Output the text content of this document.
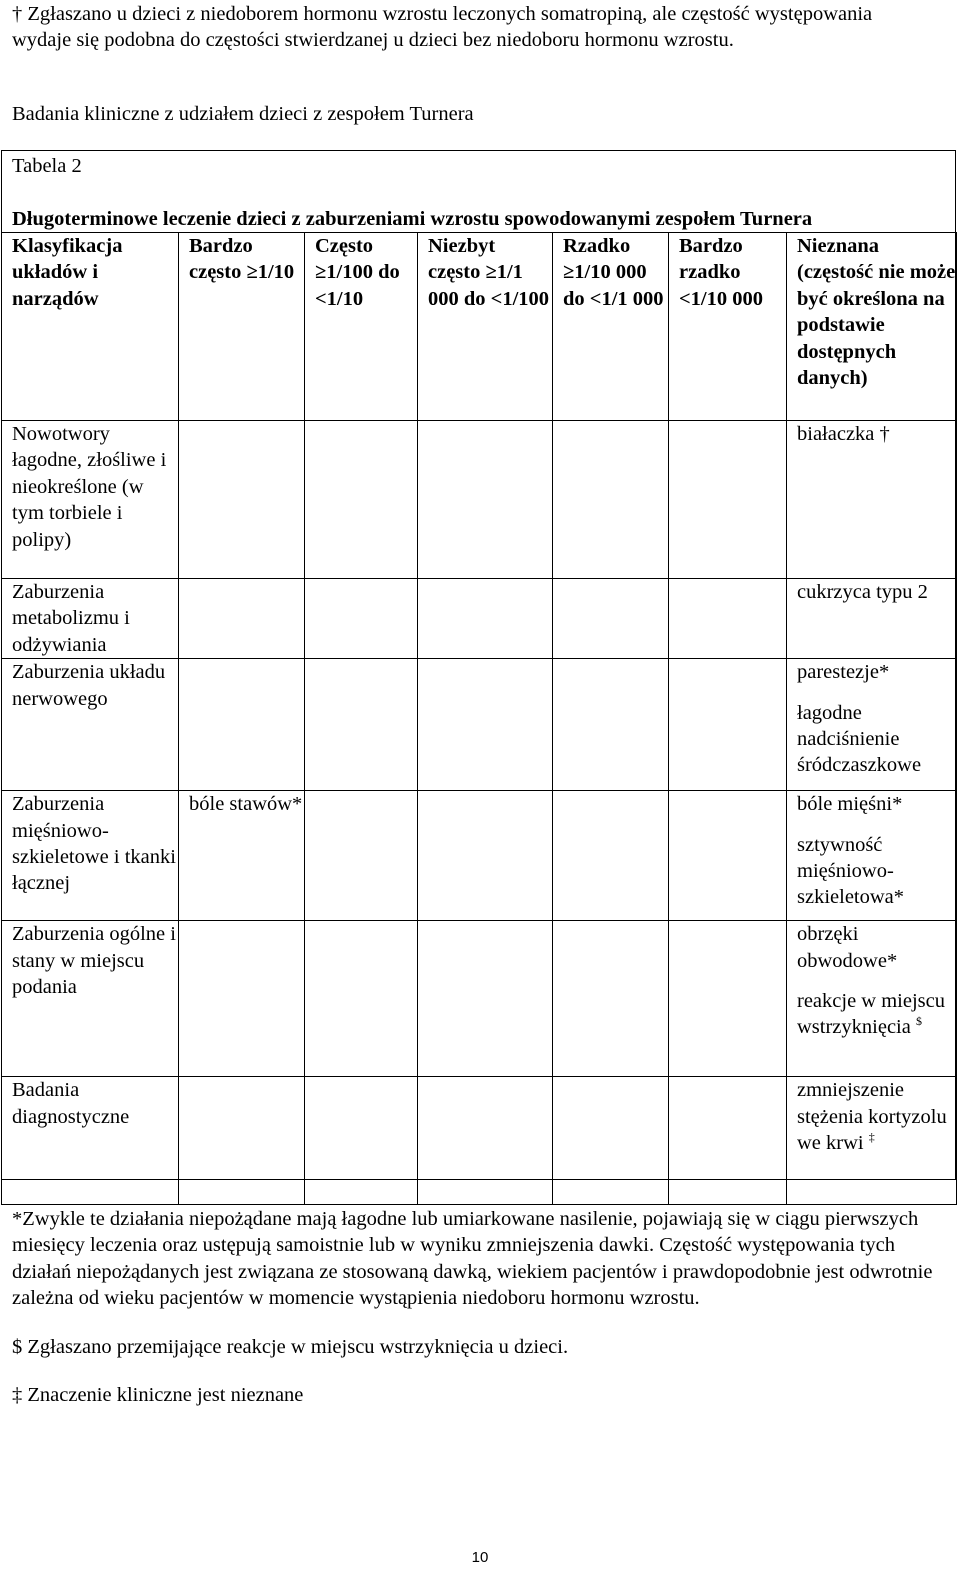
† Zgłaszano u dzieci z niedoborem hormonu wzrostu leczonych somatropiną, ale częstość występowania wydaje się podobna do częstości stwierdzanej u dzieci bez niedoboru hormonu wzrostu.

Badania kliniczne z udziałem dzieci z zespołem Turnera

Tabela 2

Długoterminowe leczenie dzieci z zaburzeniami wzrostu spowodowanymi zespołem Turnera

Klasyfikacja układów i narządów	Bardzo często ≥1/10	Często ≥1/100 do <1/10	Niezbyt często ≥1/1 000 do <1/100	Rzadko ≥1/10 000 do <1/1 000	Bardzo rzadko <1/10 000	Nieznana (częstość nie może być określona na podstawie dostępnych danych)
Nowotwory łagodne, złośliwe i nieokreślone (w tym torbiele i polipy)						białaczka †

Zaburzenia metabolizmu i odżywiania						cukrzyca typu 2

Zaburzenia układu nerwowego						parestezje*

łagodne nadciśnienie śródczaszkowe

Zaburzenia mięśniowo-szkieletowe i tkanki łącznej	bóle stawów*					bóle mięśni*

sztywność mięśniowo-szkieletowa*

Zaburzenia ogólne i stany w miejscu podania						obrzęki obwodowe*

reakcje w miejscu wstrzyknięcia $

Badania diagnostyczne						zmniejszenie stężenia kortyzolu we krwi ‡

*Zwykle te działania niepożądane mają łagodne lub umiarkowane nasilenie, pojawiają się w ciągu pierwszych miesięcy leczenia oraz ustępują samoistnie lub w wyniku zmniejszenia dawki. Częstość występowania tych działań niepożądanych jest związana ze stosowaną dawką, wiekiem pacjentów i prawdopodobnie jest odwrotnie zależna od wieku pacjentów w momencie wystąpienia niedoboru hormonu wzrostu.

$ Zgłaszano przemijające reakcje w miejscu wstrzyknięcia u dzieci.

‡ Znaczenie kliniczne jest nieznane

10
